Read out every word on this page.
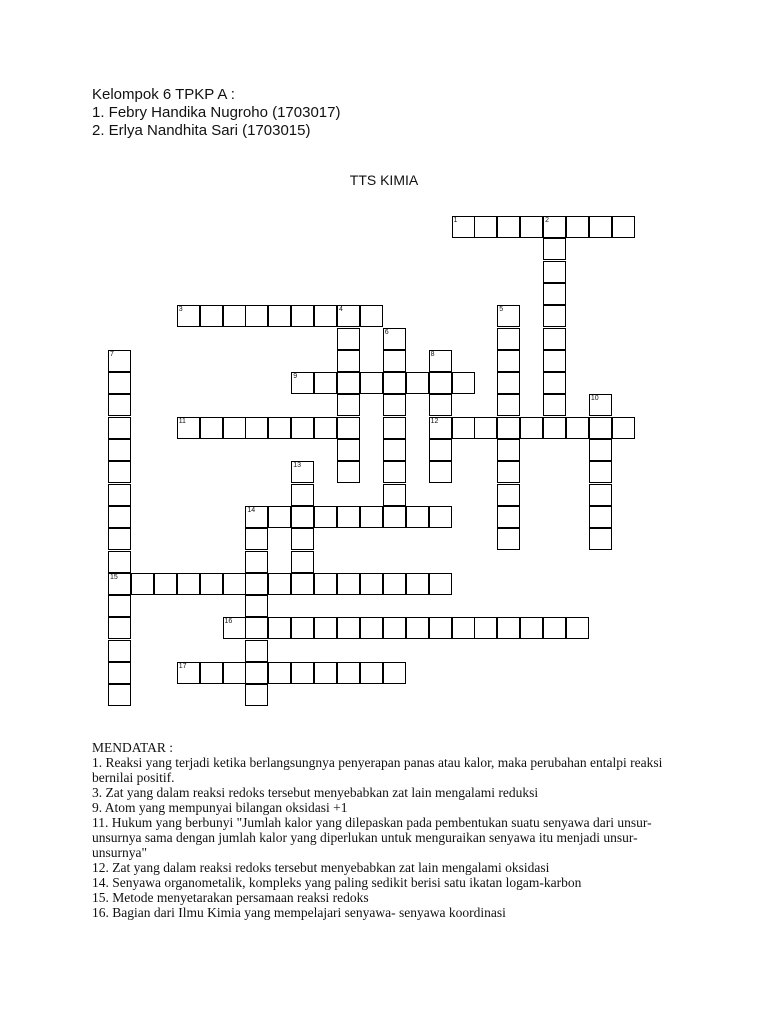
Kelompok 6 TPKP A :
1. Febry Handika Nugroho (1703017)
2. Erlya Nandhita Sari (1703015)
TTS KIMIA
1	2
3	4	5
6
7
15
8
12
9
10
11
13
14
16
17
MENDATAR :
1. Reaksi yang terjadi ketika berlangsungnya penyerapan panas atau kalor, maka perubahan entalpi reaksi bernilai positif.
3. Zat yang dalam reaksi redoks tersebut menyebabkan zat lain mengalami reduksi
9. Atom yang mempunyai bilangan oksidasi +1
11. Hukum yang berbunyi "Jumlah kalor yang dilepaskan pada pembentukan suatu senyawa dari unsur-unsurnya sama dengan jumlah kalor yang diperlukan untuk menguraikan senyawa itu menjadi unsur-unsurnya"
12. Zat yang dalam reaksi redoks tersebut menyebabkan zat lain mengalami oksidasi
14. Senyawa organometalik, kompleks yang paling sedikit berisi satu ikatan logam-karbon
15. Metode menyetarakan persamaan reaksi redoks
16. Bagian dari Ilmu Kimia yang mempelajari senyawa- senyawa koordinasi
